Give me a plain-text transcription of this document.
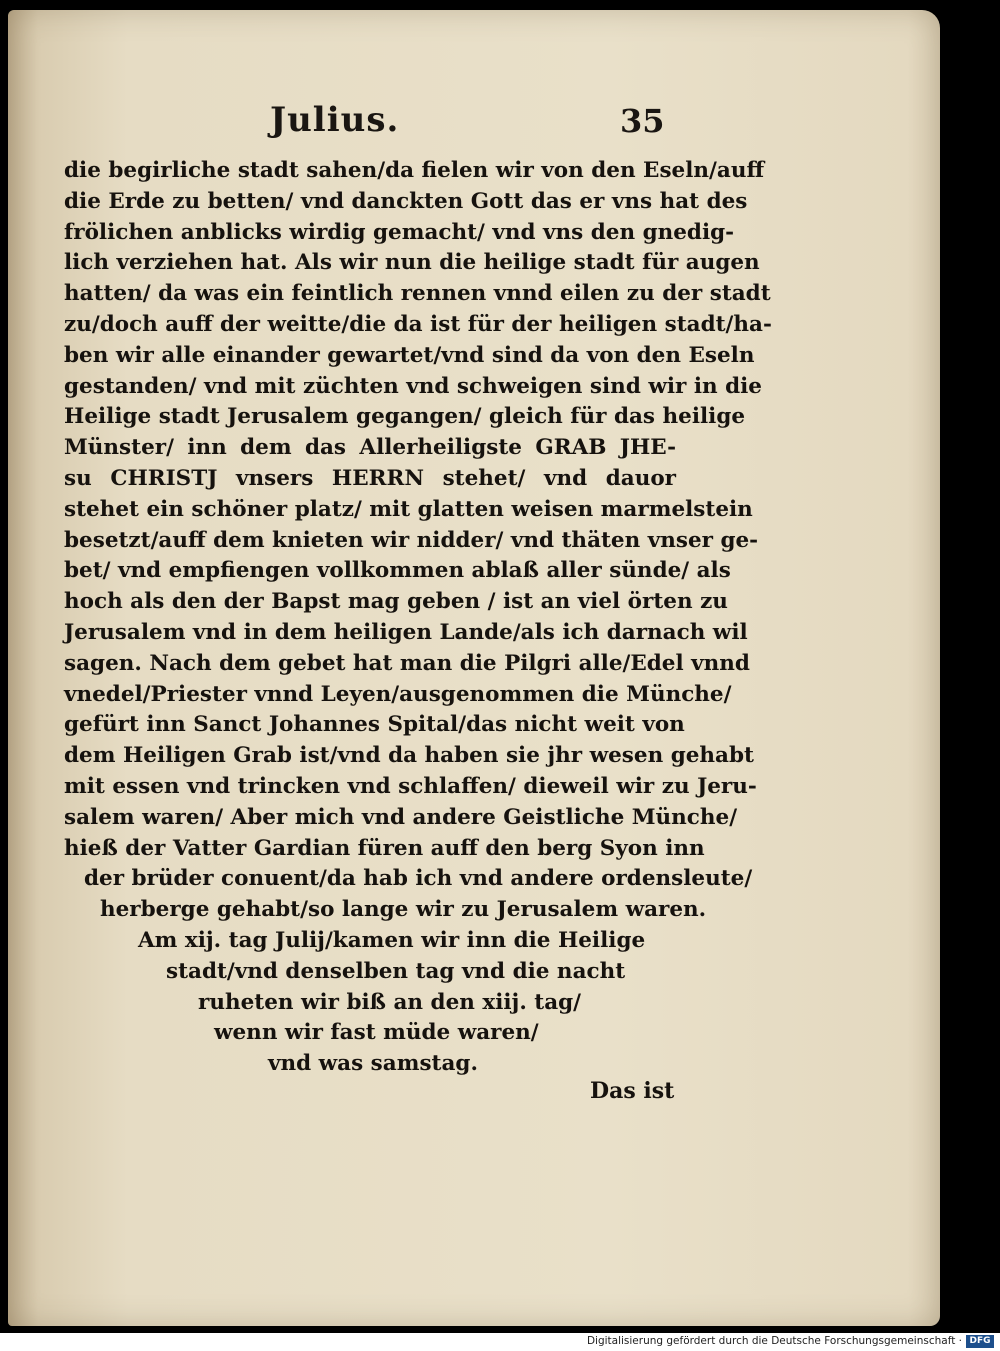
Julius.	35
die begirliche stadt sahen/da fielen wir von den Eseln/auff
die Erde zu betten/ vnd danckten Gott das er vns hat des
frölichen anblicks wirdig gemacht/ vnd vns den gnedig-
lich verziehen hat. Als wir nun die heilige stadt für augen
hatten/ da was ein feintlich rennen vnnd eilen zu der stadt
zu/doch auff der weitte/die da ist für der heiligen stadt/ha-
ben wir alle einander gewartet/vnd sind da von den Eseln
gestanden/ vnd mit züchten vnd schweigen sind wir in die
Heilige stadt Jerusalem gegangen/ gleich für das heilige
Münster/ inn dem das Allerheiligste GRAB JHE-
su CHRISTJ vnsers HERRN stehet/ vnd dauor
stehet ein schöner platz/ mit glatten weisen marmelstein
besetzt/auff dem knieten wir nidder/ vnd thäten vnser ge-
bet/ vnd empfiengen vollkommen ablaß aller sünde/ als
hoch als den der Bapst mag geben / ist an viel örten zu
Jerusalem vnd in dem heiligen Lande/als ich darnach wil
sagen. Nach dem gebet hat man die Pilgri alle/Edel vnnd
vnedel/Priester vnnd Leyen/ausgenommen die Münche/
gefürt inn Sanct Johannes Spital/das nicht weit von
dem Heiligen Grab ist/vnd da haben sie jhr wesen gehabt
mit essen vnd trincken vnd schlaffen/ dieweil wir zu Jeru-
salem waren/ Aber mich vnd andere Geistliche Münche/
hieß der Vatter Gardian füren auff den berg Syon inn
der brüder conuent/da hab ich vnd andere ordensleute/
herberge gehabt/so lange wir zu Jerusalem waren.
Am xij. tag Julij/kamen wir inn die Heilige
stadt/vnd denselben tag vnd die nacht
ruheten wir biß an den xiij. tag/
wenn wir fast müde waren/
vnd was samstag.
Das ist
Digitalisierung gefördert durch die Deutsche Forschungsgemeinschaft · DFG
